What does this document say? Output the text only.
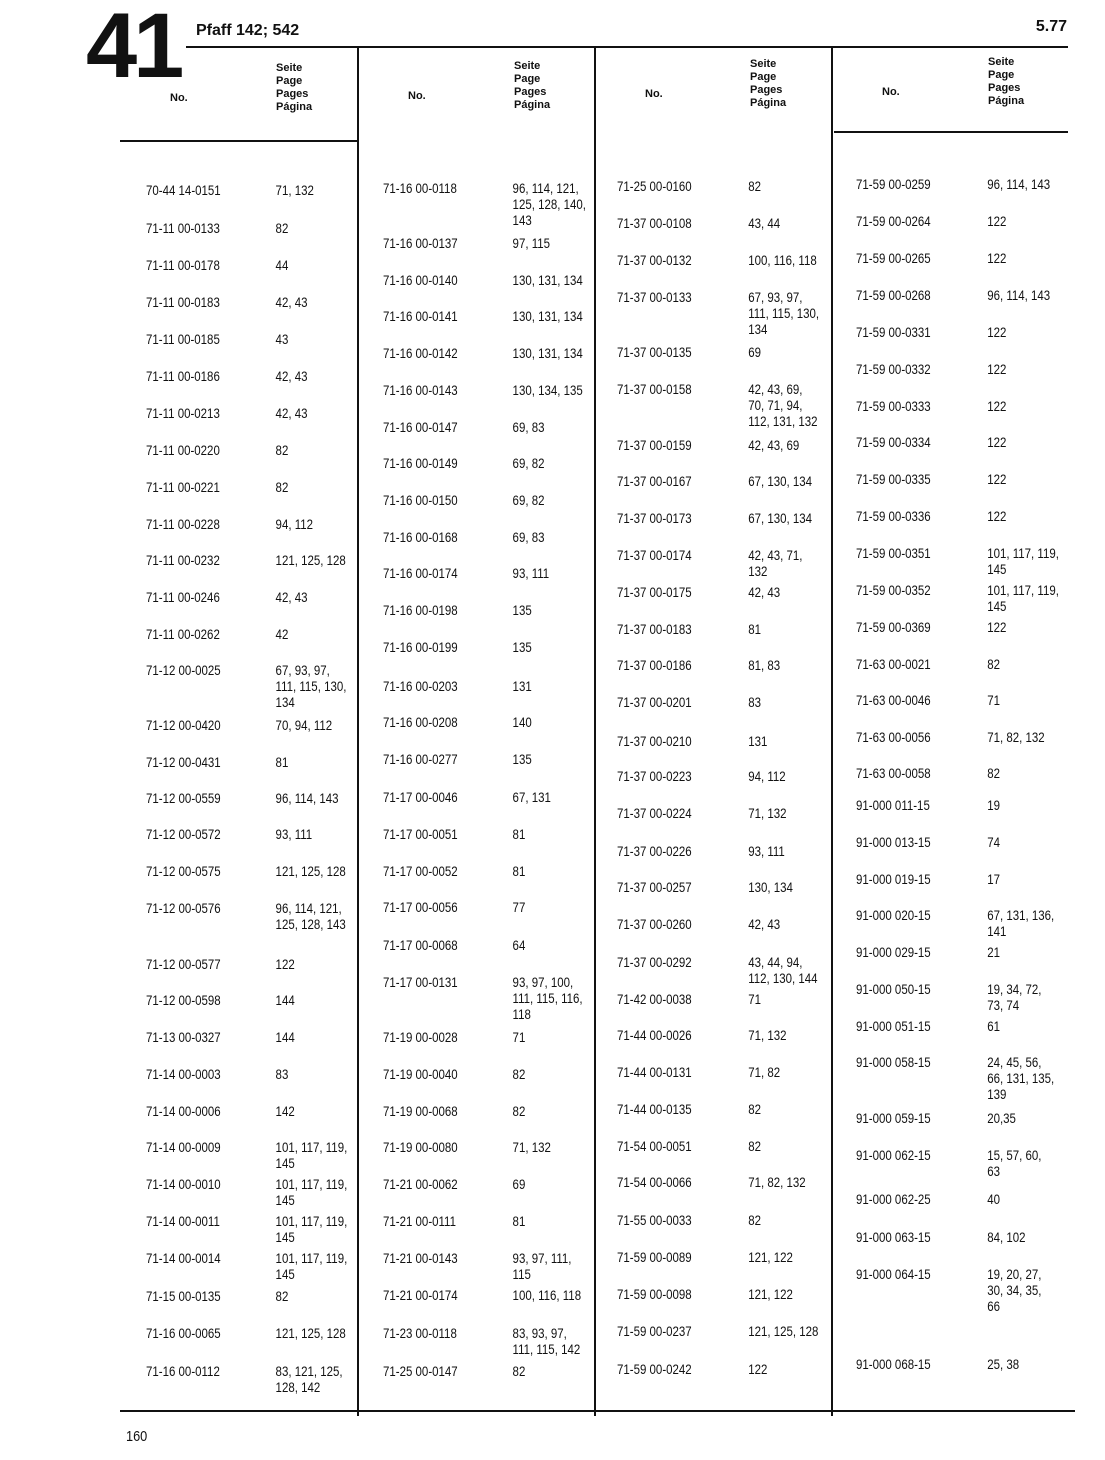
41 Pfaff 142; 542	5.77
No.
Seite
Page
Pages
Página
No.
Seite
Page
Pages
Página
No.
Seite
Page
Pages
Página
No.
Seite
Page
Pages
Página
70-44 14-0151	71, 132
71-11 00-0133	82
71-11 00-0178	44
71-11 00-0183	42, 43
71-11 00-0185	43
71-11 00-0186	42, 43
71-11 00-0213	42, 43
71-11 00-0220	82
71-11 00-0221	82
71-11 00-0228	94, 112
71-11 00-0232	121, 125, 128
71-11 00-0246	42, 43
71-11 00-0262	42
71-12 00-0025	67, 93, 97,
111, 115, 130,
134
71-12 00-0420	70, 94, 112
71-12 00-0431	81
71-12 00-0559	96, 114, 143
71-12 00-0572	93, 111
71-12 00-0575	121, 125, 128
71-12 00-0576	96, 114, 121,
125, 128, 143
71-12 00-0577	122
71-12 00-0598	144
71-13 00-0327	144
71-14 00-0003	83
71-14 00-0006	142
71-14 00-0009	101, 117, 119,
145
71-14 00-0010	101, 117, 119,
145
71-14 00-0011	101, 117, 119,
145
71-14 00-0014	101, 117, 119,
145
71-15 00-0135	82
71-16 00-0065	121, 125, 128
71-16 00-0112	83, 121, 125,
128, 142
71-16 00-0118	96, 114, 121,
125, 128, 140,
143
71-16 00-0137	97, 115
71-16 00-0140	130, 131, 134
71-16 00-0141	130, 131, 134
71-16 00-0142	130, 131, 134
71-16 00-0143	130, 134, 135
71-16 00-0147	69, 83
71-16 00-0149	69, 82
71-16 00-0150	69, 82
71-16 00-0168	69, 83
71-16 00-0174	93, 111
71-16 00-0198	135
71-16 00-0199	135
71-16 00-0203	131
71-16 00-0208	140
71-16 00-0277	135
71-17 00-0046	67, 131
71-17 00-0051	81
71-17 00-0052	81
71-17 00-0056	77
71-17 00-0068	64
71-17 00-0131	93, 97, 100,
111, 115, 116,
118
71-19 00-0028	71
71-19 00-0040	82
71-19 00-0068	82
71-19 00-0080	71, 132
71-21 00-0062	69
71-21 00-0111	81
71-21 00-0143	93, 97, 111,
115
71-21 00-0174	100, 116, 118
71-23 00-0118	83, 93, 97,
111, 115, 142
71-25 00-0147	82
71-25 00-0160	82
71-37 00-0108	43, 44
71-37 00-0132	100, 116, 118
71-37 00-0133	67, 93, 97,
111, 115, 130,
134
71-37 00-0135	69
71-37 00-0158	42, 43, 69,
70, 71, 94,
112, 131, 132
71-37 00-0159	42, 43, 69
71-37 00-0167	67, 130, 134
71-37 00-0173	67, 130, 134
71-37 00-0174	42, 43, 71,
132
71-37 00-0175	42, 43
71-37 00-0183	81
71-37 00-0186	81, 83
71-37 00-0201	83
71-37 00-0210	131
71-37 00-0223	94, 112
71-37 00-0224	71, 132
71-37 00-0226	93, 111
71-37 00-0257	130, 134
71-37 00-0260	42, 43
71-37 00-0292	43, 44, 94,
112, 130, 144
71-42 00-0038	71
71-44 00-0026	71, 132
71-44 00-0131	71, 82
71-44 00-0135	82
71-54 00-0051	82
71-54 00-0066	71, 82, 132
71-55 00-0033	82
71-59 00-0089	121, 122
71-59 00-0098	121, 122
71-59 00-0237	121, 125, 128
71-59 00-0242	122
71-59 00-0259	96, 114, 143
71-59 00-0264	122
71-59 00-0265	122
71-59 00-0268	96, 114, 143
71-59 00-0331	122
71-59 00-0332	122
71-59 00-0333	122
71-59 00-0334	122
71-59 00-0335	122
71-59 00-0336	122
71-59 00-0351	101, 117, 119,
145
71-59 00-0352	101, 117, 119,
145
71-59 00-0369	122
71-63 00-0021	82
71-63 00-0046	71
71-63 00-0056	71, 82, 132
71-63 00-0058	82
91-000 011-15	19
91-000 013-15	74
91-000 019-15	17
91-000 020-15	67, 131, 136,
141
91-000 029-15	21
91-000 050-15	19, 34, 72,
73, 74
91-000 051-15	61
91-000 058-15	24, 45, 56,
66, 131, 135,
139
91-000 059-15	20,35
91-000 062-15	15, 57, 60,
63
91-000 062-25	40
91-000 063-15	84, 102
91-000 064-15	19, 20, 27,
30, 34, 35,
66
91-000 068-15	25, 38
160
